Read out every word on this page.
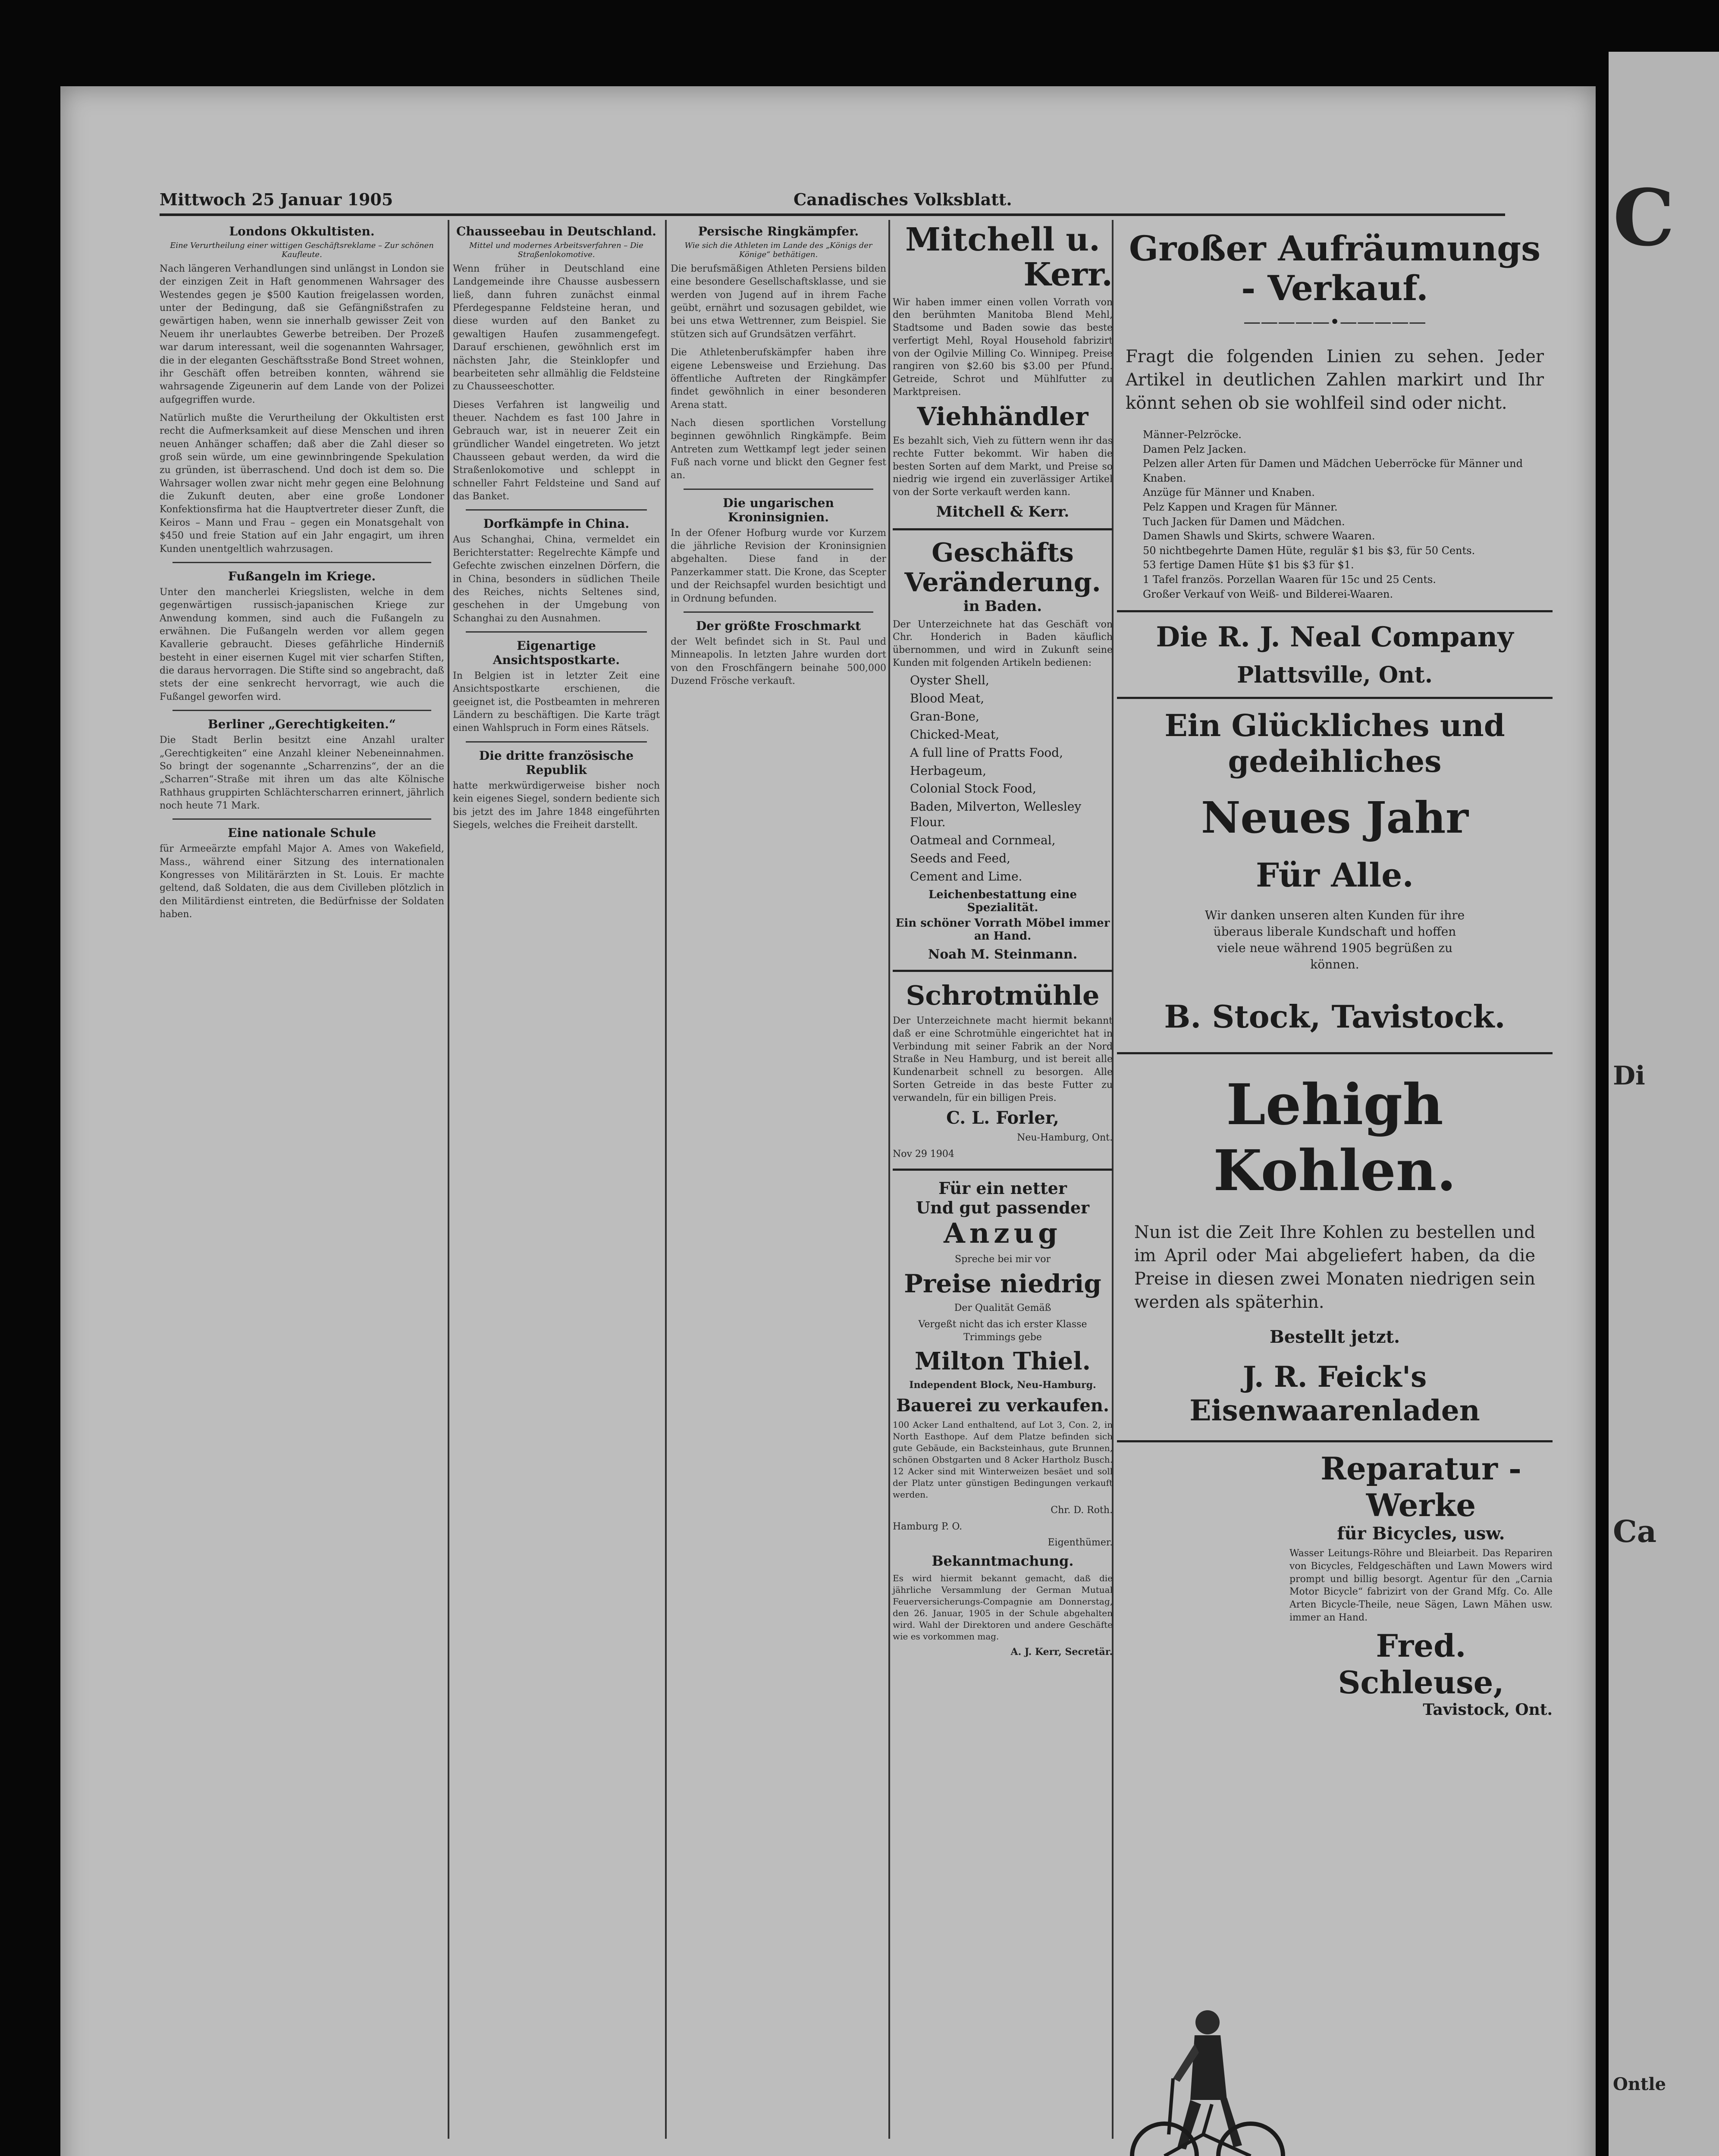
C
Di
Ca
Ontle
Mittwoch 25 Januar 1905	Canadisches Volksblatt.
Londons Okkultisten.
Eine Verurtheilung einer wittigen Geschäftsreklame – Zur schönen Kaufleute.

Nach längeren Verhandlungen sind unlängst in London sie der einzigen Zeit in Haft genommenen Wahrsager des Westendes gegen je $500 Kaution freigelassen worden, unter der Bedingung, daß sie Gefängnißstrafen zu gewärtigen haben, wenn sie innerhalb gewisser Zeit von Neuem ihr unerlaubtes Gewerbe betreiben. Der Prozeß war darum interessant, weil die sogenannten Wahrsager, die in der eleganten Geschäftsstraße Bond Street wohnen, ihr Geschäft offen betreiben konnten, während sie wahrsagende Zigeunerin auf dem Lande von der Polizei aufgegriffen wurde.

Natürlich mußte die Verurtheilung der Okkultisten erst recht die Aufmerksamkeit auf diese Menschen und ihren neuen Anhänger schaffen; daß aber die Zahl dieser so groß sein würde, um eine gewinnbringende Spekulation zu gründen, ist überraschend. Und doch ist dem so. Die Wahrsager wollen zwar nicht mehr gegen eine Belohnung die Zukunft deuten, aber eine große Londoner Konfektionsfirma hat die Hauptvertreter dieser Zunft, die Keiros – Mann und Frau – gegen ein Monatsgehalt von $450 und freie Station auf ein Jahr engagirt, um ihren Kunden unentgeltlich wahrzusagen.

Fußangeln im Kriege.

Unter den mancherlei Kriegslisten, welche in dem gegenwärtigen russisch-japanischen Kriege zur Anwendung kommen, sind auch die Fußangeln zu erwähnen. Die Fußangeln werden vor allem gegen Kavallerie gebraucht. Dieses gefährliche Hinderniß besteht in einer eisernen Kugel mit vier scharfen Stiften, die daraus hervorragen. Die Stifte sind so angebracht, daß stets der eine senkrecht hervorragt, wie auch die Fußangel geworfen wird.

Berliner „Gerechtigkeiten.“

Die Stadt Berlin besitzt eine Anzahl uralter „Gerechtigkeiten“ eine Anzahl kleiner Nebeneinnahmen. So bringt der sogenannte „Scharrenzins“, der an die „Scharren“-Straße mit ihren um das alte Kölnische Rathhaus gruppirten Schlächterscharren erinnert, jährlich noch heute 71 Mark.

Eine nationale Schule

für Armeeärzte empfahl Major A. Ames von Wakefield, Mass., während einer Sitzung des internationalen Kongresses von Militärärzten in St. Louis. Er machte geltend, daß Soldaten, die aus dem Civilleben plötzlich in den Militärdienst eintreten, die Bedürfnisse der Soldaten haben.

Chausseebau in Deutschland.
Mittel und modernes Arbeitsverfahren – Die Straßenlokomotive.

Wenn früher in Deutschland eine Landgemeinde ihre Chausse ausbessern ließ, dann fuhren zunächst einmal Pferdegespanne Feldsteine heran, und diese wurden auf den Banket zu gewaltigen Haufen zusammengefegt. Darauf erschienen, gewöhnlich erst im nächsten Jahr, die Steinklopfer und bearbeiteten sehr allmählig die Feldsteine zu Chausseeschotter.

Dieses Verfahren ist langweilig und theuer. Nachdem es fast 100 Jahre in Gebrauch war, ist in neuerer Zeit ein gründlicher Wandel eingetreten. Wo jetzt Chausseen gebaut werden, da wird die Straßenlokomotive und schleppt in schneller Fahrt Feldsteine und Sand auf das Banket.

Dorfkämpfe in China.

Aus Schanghai, China, vermeldet ein Berichterstatter: Regelrechte Kämpfe und Gefechte zwischen einzelnen Dörfern, die in China, besonders in südlichen Theile des Reiches, nichts Seltenes sind, geschehen in der Umgebung von Schanghai zu den Ausnahmen.

Eigenartige Ansichtspostkarte.

In Belgien ist in letzter Zeit eine Ansichtspostkarte erschienen, die geeignet ist, die Postbeamten in mehreren Ländern zu beschäftigen. Die Karte trägt einen Wahlspruch in Form eines Rätsels.

Die dritte französische Republik

hatte merkwürdigerweise bisher noch kein eigenes Siegel, sondern bediente sich bis jetzt des im Jahre 1848 eingeführten Siegels, welches die Freiheit darstellt.

Persische Ringkämpfer.
Wie sich die Athleten im Lande des „Königs der Könige“ bethätigen.

Die berufsmäßigen Athleten Persiens bilden eine besondere Gesellschaftsklasse, und sie werden von Jugend auf in ihrem Fache geübt, ernährt und sozusagen gebildet, wie bei uns etwa Wettrenner, zum Beispiel. Sie stützen sich auf Grundsätzen verfährt.

Die Athletenberufskämpfer haben ihre eigene Lebensweise und Erziehung. Das öffentliche Auftreten der Ringkämpfer findet gewöhnlich in einer besonderen Arena statt.

Nach diesen sportlichen Vorstellung beginnen gewöhnlich Ringkämpfe. Beim Antreten zum Wettkampf legt jeder seinen Fuß nach vorne und blickt den Gegner fest an.

Die ungarischen Kroninsignien.

In der Ofener Hofburg wurde vor Kurzem die jährliche Revision der Kroninsignien abgehalten. Diese fand in der Panzerkammer statt. Die Krone, das Scepter und der Reichsapfel wurden besichtigt und in Ordnung befunden.

Der größte Froschmarkt

der Welt befindet sich in St. Paul und Minneapolis. In letzten Jahre wurden dort von den Froschfängern beinahe 500,000 Duzend Frösche verkauft.

Mitchell u.
Kerr.

Wir haben immer einen vollen Vorrath von den berühmten Manitoba Blend Mehl, Stadtsome und Baden sowie das beste verfertigt Mehl, Royal Household fabrizirt von der Ogilvie Milling Co. Winnipeg. Preise rangiren von $2.60 bis $3.00 per Pfund. Getreide, Schrot und Mühlfutter zu Marktpreisen.

Viehhändler

Es bezahlt sich, Vieh zu füttern wenn ihr das rechte Futter bekommt. Wir haben die besten Sorten auf dem Markt, und Preise so niedrig wie irgend ein zuverlässiger Artikel von der Sorte verkauft werden kann.

Mitchell & Kerr.
Geschäfts Veränderung.
in Baden.

Der Unterzeichnete hat das Geschäft von Chr. Honderich in Baden käuflich übernommen, und wird in Zukunft seine Kunden mit folgenden Artikeln bedienen:

Oyster Shell,
Blood Meat,
Gran-Bone,
Chicked-Meat,
A full line of Pratts Food,
Herbageum,
Colonial Stock Food,
Baden, Milverton, Wellesley Flour.
Oatmeal and Cornmeal,
Seeds and Feed,
Cement and Lime.
Leichenbestattung eine Spezialität.
Ein schöner Vorrath Möbel immer an Hand.
Noah M. Steinmann.
Schrotmühle

Der Unterzeichnete macht hiermit bekannt daß er eine Schrotmühle eingerichtet hat in Verbindung mit seiner Fabrik an der Nord Straße in Neu Hamburg, und ist bereit alle Kundenarbeit schnell zu besorgen. Alle Sorten Getreide in das beste Futter zu verwandeln, für ein billigen Preis.

C. L. Forler,
Neu-Hamburg, Ont.
Nov 29 1904
Für ein netter
Und gut passender
Anzug
Spreche bei mir vor
Preise niedrig
Der Qualität Gemäß
Vergeßt nicht das ich erster Klasse Trimmings gebe
Milton Thiel.
Independent Block, Neu-Hamburg.
Bauerei zu verkaufen.

100 Acker Land enthaltend, auf Lot 3, Con. 2, in North Easthope. Auf dem Platze befinden sich gute Gebäude, ein Backsteinhaus, gute Brunnen, schönen Obstgarten und 8 Acker Hartholz Busch. 12 Acker sind mit Winterweizen besäet und soll der Platz unter günstigen Bedingungen verkauft werden.

Chr. D. Roth.
Hamburg P. O.
Eigenthümer.
Bekanntmachung.

Es wird hiermit bekannt gemacht, daß die jährliche Versammlung der German Mutual Feuerversicherungs-Compagnie am Donnerstag, den 26. Januar, 1905 in der Schule abgehalten wird. Wahl der Direktoren und andere Geschäfte wie es vorkommen mag.

A. J. Kerr, Secretär.
Großer Aufräumungs - Verkauf.
—————•—————

Fragt die folgenden Linien zu sehen. Jeder Artikel in deutlichen Zahlen markirt und Ihr könnt sehen ob sie wohlfeil sind oder nicht.

Männer-Pelzröcke.
Damen Pelz Jacken.
Pelzen aller Arten für Damen und Mädchen Ueberröcke für Männer und Knaben.
Anzüge für Männer und Knaben.
Pelz Kappen und Kragen für Männer.
Tuch Jacken für Damen und Mädchen.
Damen Shawls und Skirts, schwere Waaren.
50 nichtbegehrte Damen Hüte, regulär $1 bis $3, für 50 Cents.
53 fertige Damen Hüte $1 bis $3 für $1.
1 Tafel französ. Porzellan Waaren für 15c und 25 Cents.
Großer Verkauf von Weiß- und Bilderei-Waaren.
Die R. J. Neal Company
Plattsville, Ont.
Ein Glückliches und gedeihliches
Neues Jahr
Für Alle.

Wir danken unseren alten Kunden für ihre überaus liberale Kundschaft und hoffen viele neue während 1905 begrüßen zu können.

B. Stock, Tavistock.
Lehigh Kohlen.

Nun ist die Zeit Ihre Kohlen zu bestellen und im April oder Mai abgeliefert haben, da die Preise in diesen zwei Monaten niedrigen sein werden als späterhin.

Bestellt jetzt.
J. R. Feick's Eisenwaarenladen
Reparatur - Werke
für Bicycles, usw.

Wasser Leitungs-Röhre und Bleiarbeit. Das Repariren von Bicycles, Feldgeschäften und Lawn Mowers wird prompt und billig besorgt. Agentur für den „Carnia Motor Bicycle“ fabrizirt von der Grand Mfg. Co. Alle Arten Bicycle-Theile, neue Sägen, Lawn Mähen usw. immer an Hand.

Fred. Schleuse,
Tavistock, Ont.
